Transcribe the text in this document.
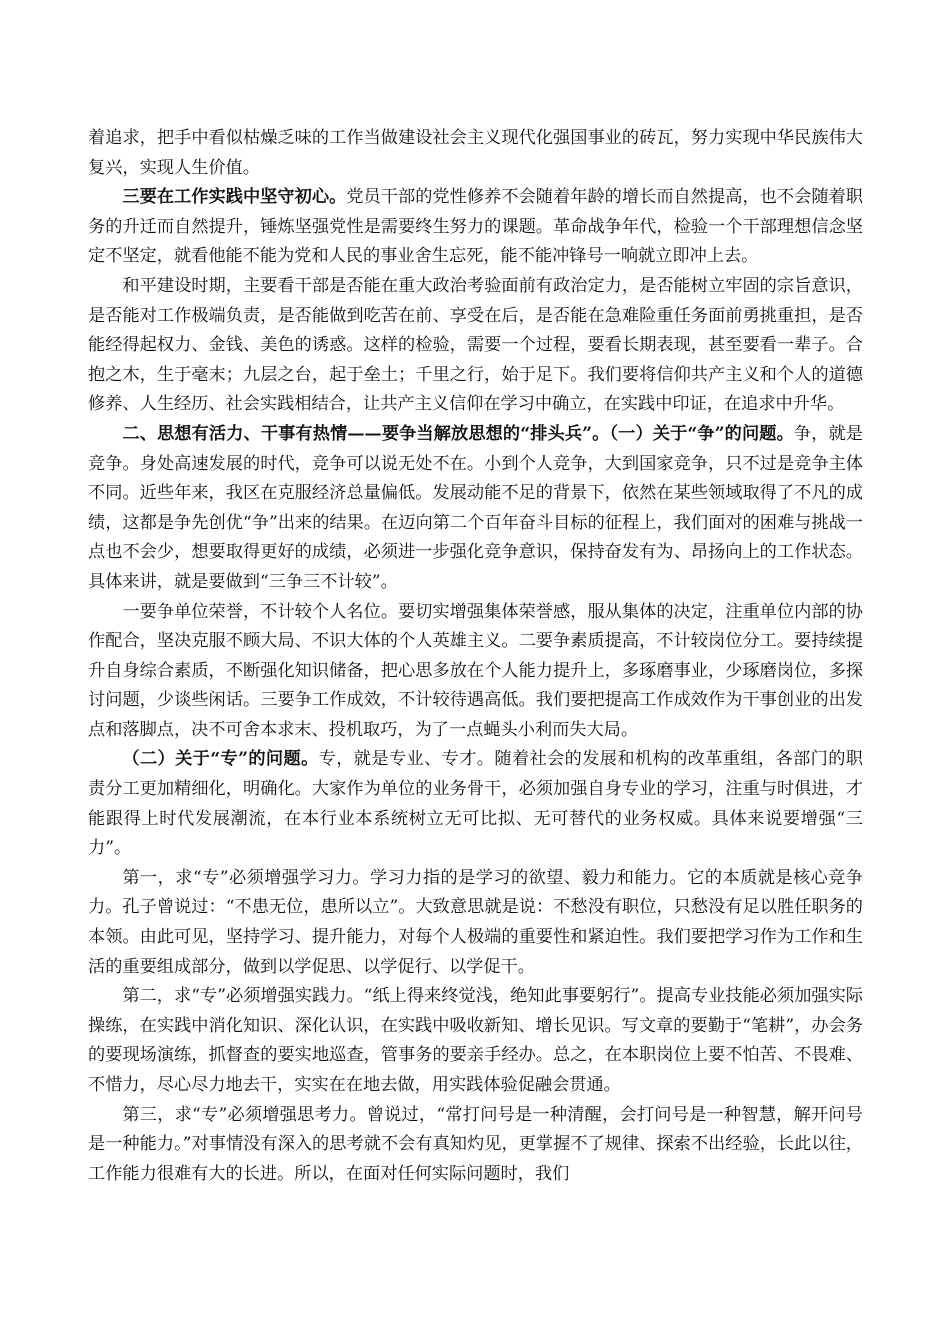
着追求，把手中看似枯燥乏味的工作当做建设社会主义现代化强国事业的砖瓦，努力实现中华民族伟大复兴，实现人生价值。

三要在工作实践中坚守初心。党员干部的党性修养不会随着年龄的增长而自然提高，也不会随着职务的升迁而自然提升，锤炼坚强党性是需要终生努力的课题。革命战争年代，检验一个干部理想信念坚定不坚定，就看他能不能为党和人民的事业舍生忘死，能不能冲锋号一响就立即冲上去。

和平建设时期，主要看干部是否能在重大政治考验面前有政治定力，是否能树立牢固的宗旨意识，是否能对工作极端负责，是否能做到吃苦在前、享受在后，是否能在急难险重任务面前勇挑重担，是否能经得起权力、金钱、美色的诱惑。这样的检验，需要一个过程，要看长期表现，甚至要看一辈子。合抱之木，生于毫末；九层之台，起于垒土；千里之行，始于足下。我们要将信仰共产主义和个人的道德修养、人生经历、社会实践相结合，让共产主义信仰在学习中确立，在实践中印证，在追求中升华。

二、思想有活力、干事有热情——要争当解放思想的“排头兵”。（一）关于“争”的问题。争，就是竞争。身处高速发展的时代，竞争可以说无处不在。小到个人竞争，大到国家竞争，只不过是竞争主体不同。近些年来，我区在克服经济总量偏低。发展动能不足的背景下，依然在某些领域取得了不凡的成绩，这都是争先创优“争”出来的结果。在迈向第二个百年奋斗目标的征程上，我们面对的困难与挑战一点也不会少，想要取得更好的成绩，必须进一步强化竞争意识，保持奋发有为、昂扬向上的工作状态。具体来讲，就是要做到“三争三不计较”。

一要争单位荣誉，不计较个人名位。要切实增强集体荣誉感，服从集体的决定，注重单位内部的协作配合，坚决克服不顾大局、不识大体的个人英雄主义。二要争素质提高，不计较岗位分工。要持续提升自身综合素质，不断强化知识储备，把心思多放在个人能力提升上，多琢磨事业，少琢磨岗位，多探讨问题，少谈些闲话。三要争工作成效，不计较待遇高低。我们要把提高工作成效作为干事创业的出发点和落脚点，决不可舍本求末、投机取巧，为了一点蝇头小利而失大局。

（二）关于“专”的问题。专，就是专业、专才。随着社会的发展和机构的改革重组，各部门的职责分工更加精细化，明确化。大家作为单位的业务骨干，必须加强自身专业的学习，注重与时俱进，才能跟得上时代发展潮流，在本行业本系统树立无可比拟、无可替代的业务权威。具体来说要增强“三力”。

第一，求“专”必须增强学习力。学习力指的是学习的欲望、毅力和能力。它的本质就是核心竞争力。孔子曾说过：“不患无位，患所以立”。大致意思就是说：不愁没有职位，只愁没有足以胜任职务的本领。由此可见，坚持学习、提升能力，对每个人极端的重要性和紧迫性。我们要把学习作为工作和生活的重要组成部分，做到以学促思、以学促行、以学促干。

第二，求“专”必须增强实践力。“纸上得来终觉浅，绝知此事要躬行”。提高专业技能必须加强实际操练，在实践中消化知识、深化认识，在实践中吸收新知、增长见识。写文章的要勤于“笔耕”，办会务的要现场演练，抓督查的要实地巡查，管事务的要亲手经办。总之，在本职岗位上要不怕苦、不畏难、不惜力，尽心尽力地去干，实实在在地去做，用实践体验促融会贯通。

第三，求“专”必须增强思考力。曾说过，“常打问号是一种清醒，会打问号是一种智慧，解开问号是一种能力。”对事情没有深入的思考就不会有真知灼见，更掌握不了规律、探索不出经验，长此以往，工作能力很难有大的长进。所以，在面对任何实际问题时，我们
